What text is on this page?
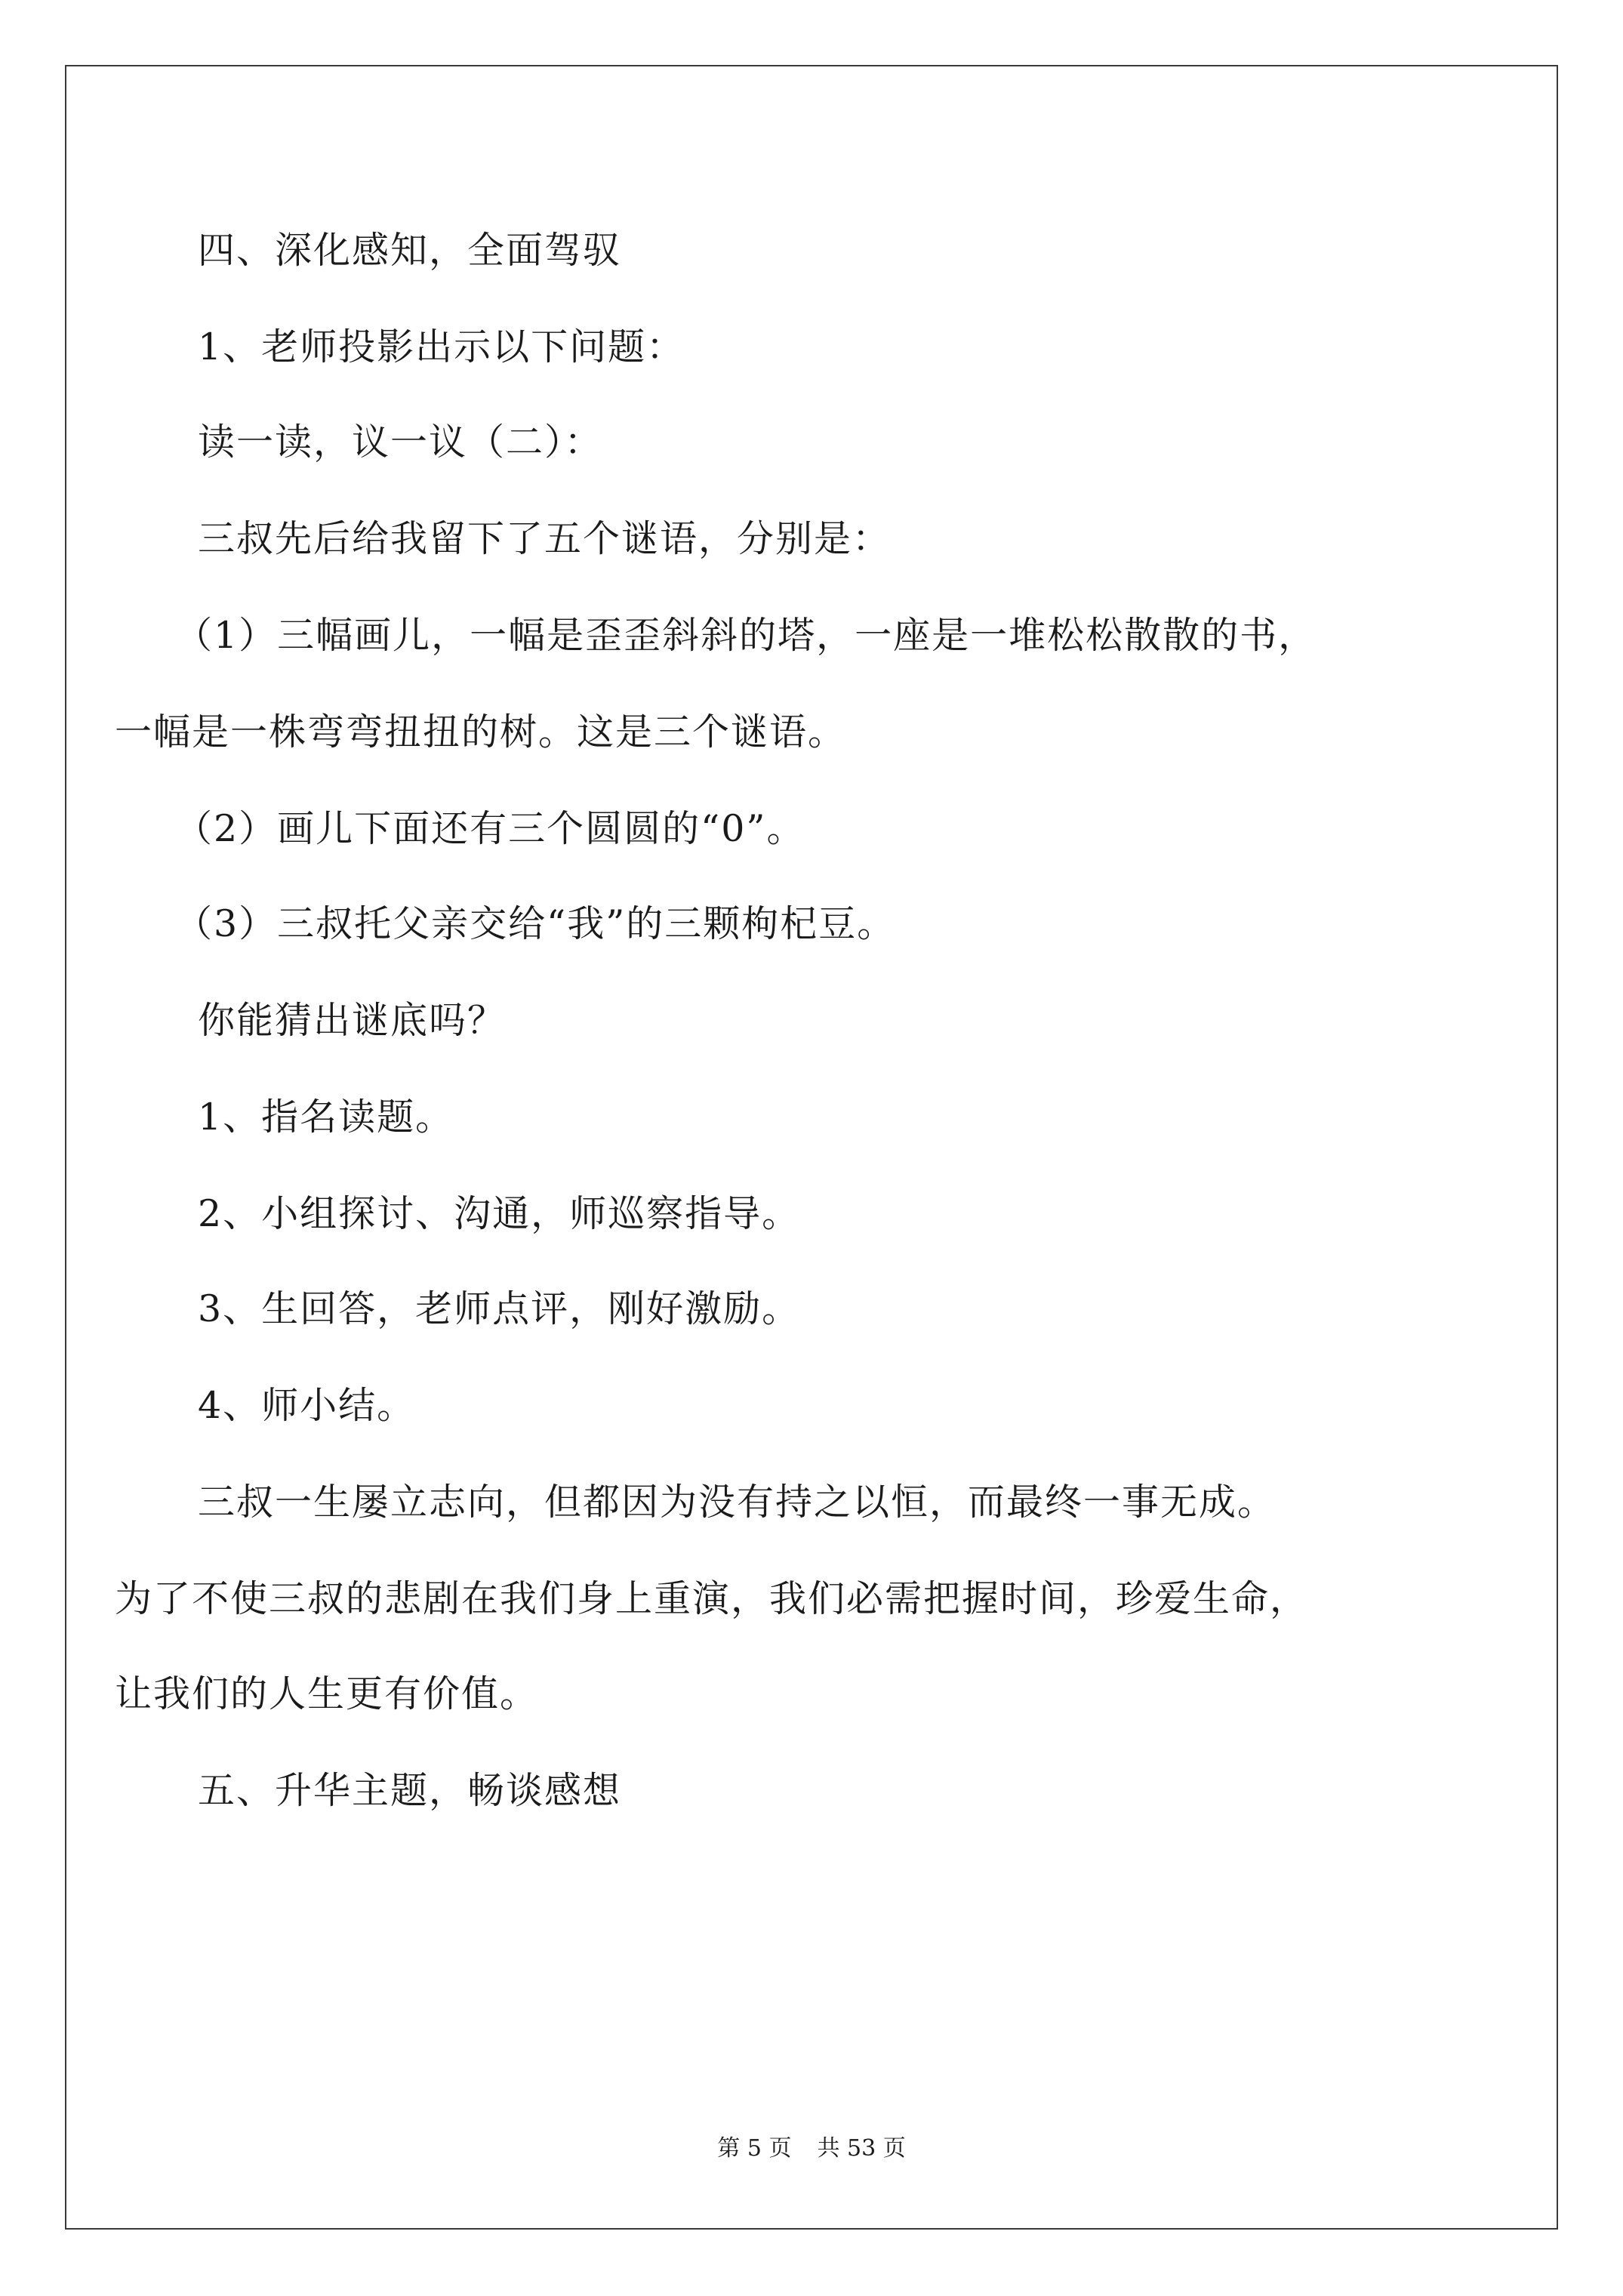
四、深化感知，全面驾驭
1、老师投影出示以下问题：
读一读，议一议（二）：
三叔先后给我留下了五个谜语，分别是：
（1）三幅画儿，一幅是歪歪斜斜的塔，一座是一堆松松散散的书，
一幅是一株弯弯扭扭的树。这是三个谜语。
（2）画儿下面还有三个圆圆的“0”。
（3）三叔托父亲交给“我”的三颗枸杞豆。
你能猜出谜底吗？
1、指名读题。
2、小组探讨、沟通，师巡察指导。
3、生回答，老师点评，刚好激励。
4、师小结。
三叔一生屡立志向，但都因为没有持之以恒，而最终一事无成。
为了不使三叔的悲剧在我们身上重演，我们必需把握时间，珍爱生命，
让我们的人生更有价值。
五、升华主题，畅谈感想
第 5 页 共 53 页
